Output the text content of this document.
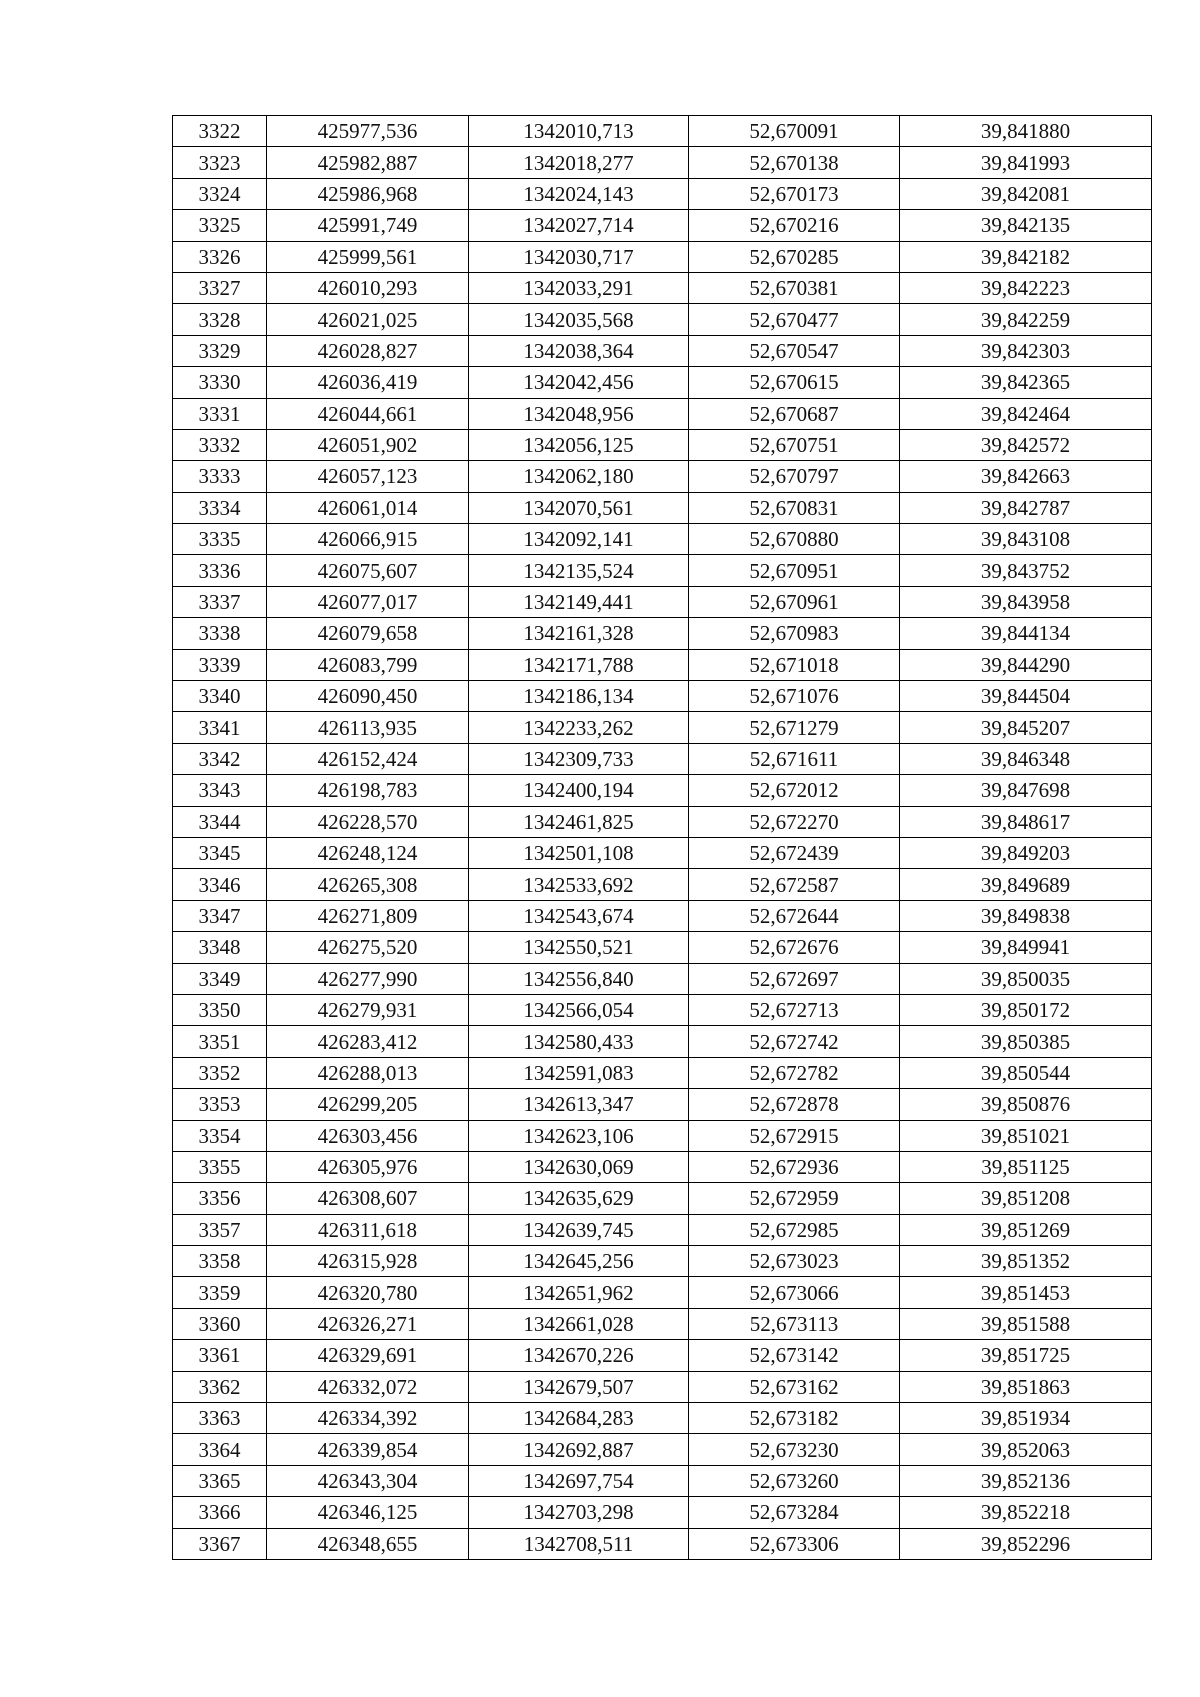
3322	425977,536	1342010,713	52,670091	39,841880
3323	425982,887	1342018,277	52,670138	39,841993
3324	425986,968	1342024,143	52,670173	39,842081
3325	425991,749	1342027,714	52,670216	39,842135
3326	425999,561	1342030,717	52,670285	39,842182
3327	426010,293	1342033,291	52,670381	39,842223
3328	426021,025	1342035,568	52,670477	39,842259
3329	426028,827	1342038,364	52,670547	39,842303
3330	426036,419	1342042,456	52,670615	39,842365
3331	426044,661	1342048,956	52,670687	39,842464
3332	426051,902	1342056,125	52,670751	39,842572
3333	426057,123	1342062,180	52,670797	39,842663
3334	426061,014	1342070,561	52,670831	39,842787
3335	426066,915	1342092,141	52,670880	39,843108
3336	426075,607	1342135,524	52,670951	39,843752
3337	426077,017	1342149,441	52,670961	39,843958
3338	426079,658	1342161,328	52,670983	39,844134
3339	426083,799	1342171,788	52,671018	39,844290
3340	426090,450	1342186,134	52,671076	39,844504
3341	426113,935	1342233,262	52,671279	39,845207
3342	426152,424	1342309,733	52,671611	39,846348
3343	426198,783	1342400,194	52,672012	39,847698
3344	426228,570	1342461,825	52,672270	39,848617
3345	426248,124	1342501,108	52,672439	39,849203
3346	426265,308	1342533,692	52,672587	39,849689
3347	426271,809	1342543,674	52,672644	39,849838
3348	426275,520	1342550,521	52,672676	39,849941
3349	426277,990	1342556,840	52,672697	39,850035
3350	426279,931	1342566,054	52,672713	39,850172
3351	426283,412	1342580,433	52,672742	39,850385
3352	426288,013	1342591,083	52,672782	39,850544
3353	426299,205	1342613,347	52,672878	39,850876
3354	426303,456	1342623,106	52,672915	39,851021
3355	426305,976	1342630,069	52,672936	39,851125
3356	426308,607	1342635,629	52,672959	39,851208
3357	426311,618	1342639,745	52,672985	39,851269
3358	426315,928	1342645,256	52,673023	39,851352
3359	426320,780	1342651,962	52,673066	39,851453
3360	426326,271	1342661,028	52,673113	39,851588
3361	426329,691	1342670,226	52,673142	39,851725
3362	426332,072	1342679,507	52,673162	39,851863
3363	426334,392	1342684,283	52,673182	39,851934
3364	426339,854	1342692,887	52,673230	39,852063
3365	426343,304	1342697,754	52,673260	39,852136
3366	426346,125	1342703,298	52,673284	39,852218
3367	426348,655	1342708,511	52,673306	39,852296
